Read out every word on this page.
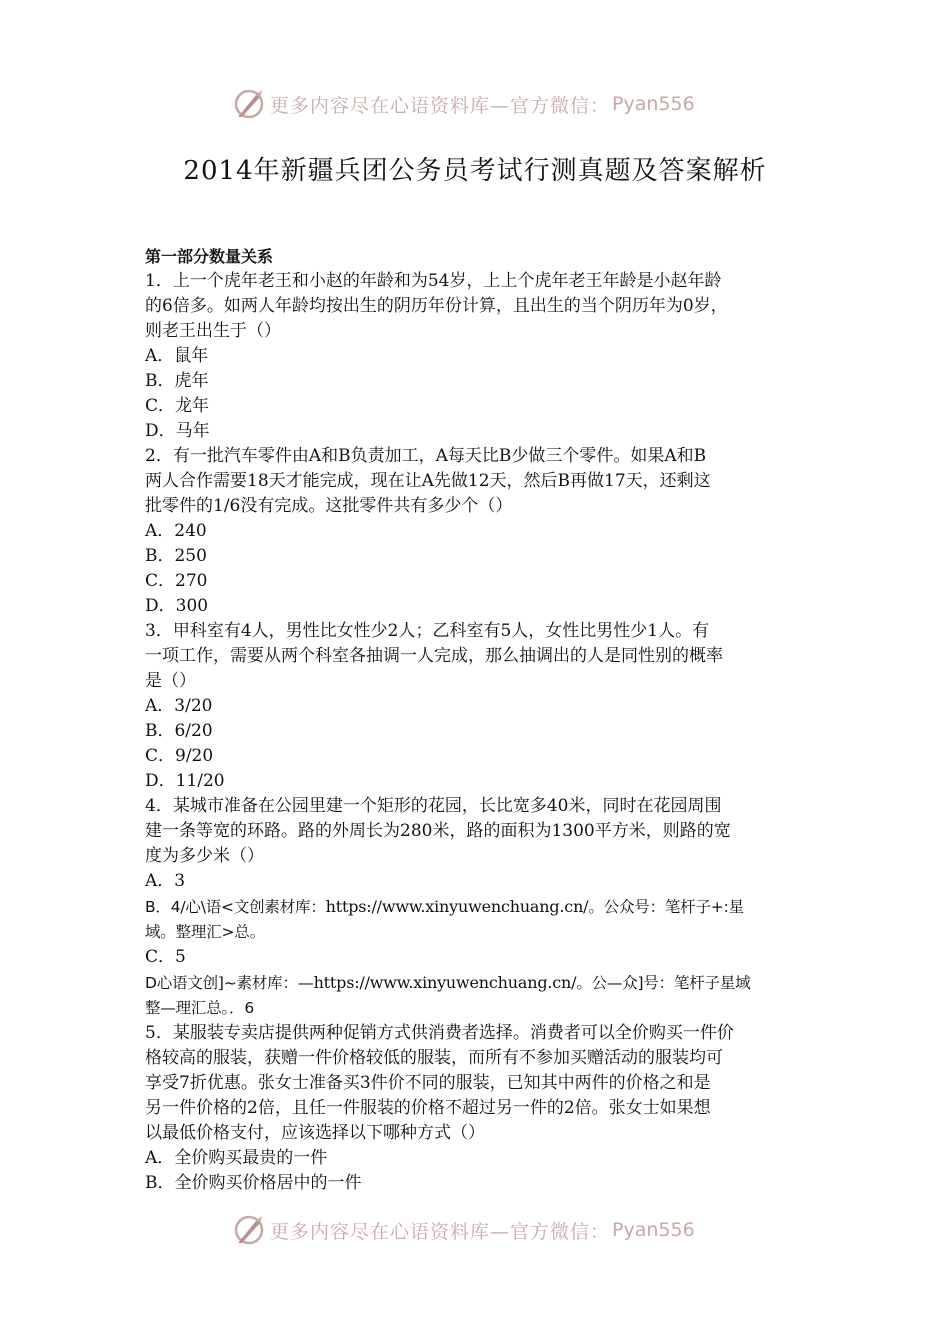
更多内容尽在心语资料库—官方微信： Pyan556
2014年新疆兵团公务员考试行测真题及答案解析

第一部分数量关系

1．上一个虎年老王和小赵的年龄和为54岁，上上个虎年老王年龄是小赵年龄

的6倍多。如两人年龄均按出生的阴历年份计算，且出生的当个阴历年为0岁，

则老王出生于（）

A．鼠年

B．虎年

C．龙年

D．马年

2．有一批汽车零件由A和B负责加工，A每天比B少做三个零件。如果A和B

两人合作需要18天才能完成，现在让A先做12天，然后B再做17天，还剩这

批零件的1/6没有完成。这批零件共有多少个（）

A．240

B．250

C．270

D．300

3．甲科室有4人，男性比女性少2人；乙科室有5人，女性比男性少1人。有

一项工作，需要从两个科室各抽调一人完成，那么抽调出的人是同性别的概率

是（）

A．3/20

B．6/20

C．9/20

D．11/20

4．某城市准备在公园里建一个矩形的花园，长比宽多40米，同时在花园周围

建一条等宽的环路。路的外周长为280米，路的面积为1300平方米，则路的宽

度为多少米（）

A．3

B．4/心\语<文创素材库：https://www.xinyuwenchuang.cn/。公众号：笔杆子+:星

域。整理汇>总。

C．5

D心语文创]~素材库：—https://www.xinyuwenchuang.cn/。公—众]号：笔杆子星域

整—理汇总。．6

5．某服装专卖店提供两种促销方式供消费者选择。消费者可以全价购买一件价

格较高的服装，获赠一件价格较低的服装，而所有不参加买赠活动的服装均可

享受7折优惠。张女士准备买3件价不同的服装，已知其中两件的价格之和是

另一件价格的2倍，且任一件服装的价格不超过另一件的2倍。张女士如果想

以最低价格支付，应该选择以下哪种方式（）

A．全价购买最贵的一件

B．全价购买价格居中的一件

更多内容尽在心语资料库—官方微信： Pyan556
